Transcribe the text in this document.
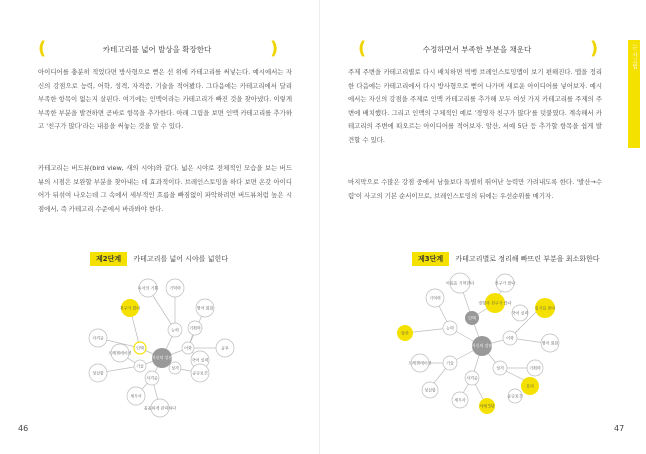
(	카테고리를 넓어 발상을 확장한다	)
아이디어를 충분히 적었다면 방사형으로 뻗은 선 위에 카테고리를 써넣는다. 예시에서는 자신의 강점으로 능력, 어학, 성격, 자격증, 기술을 적어봤다. 그다음에는 카테고리에서 달리 부족한 항목이 없는지 살핀다. 여기에는 인맥이라는 카테고리가 빠진 것을 찾아냈다. 이렇게 부족한 부분을 발견하면 곧바로 항목을 추가한다. 아래 그림을 보면 인맥 카테고리를 추가하고 '친구가 많다'라는 내용을 써놓는 것을 알 수 있다.
카테고리는 버드뷰(bird view, 새의 시야)와 같다. 넓은 시야로 전체적인 모습을 보는 버드뷰의 시점은 보완할 부분을 찾아내는 데 효과적이다. 브레인스토밍을 하다 보면 온갖 아이디어가 뒤섞여 나오는데 그 속에서 세부적인 흐름을 빠짐없이 파악하려면 버드뷰처럼 높은 시점에서, 즉 카테고리 수준에서 바라봐야 한다.
제2단계 카테고리를 넓어 시야를 넓힌다
자신의 강점
인맥
친구가 많다
능력
독서의 기쁨	기억력
어학
영어 회화
기획력
공부
국어 실력
성격
공중보건
자격증
세무사
꼼꼼하게 관리하다
기술
프레젠테이션
성실함
자격증
46
(	수정하면서 부족한 부분을 채운다	)
주제 주변을 카테고리별로 다시 배치하면 빅뱅 브레인스토밍맵이 보기 편해진다. 맵을 정리한 다음에는 카테고리에서 다시 방사형으로 뻗어 나가며 새로운 아이디어를 넣어보자. 예시에서는 자신의 강점을 주제로 인맥 카테고리를 추가해 모두 여섯 가지 카테고리를 주제의 주변에 배치했다. 그리고 인맥의 구체적인 예로 '경영자 친구가 많다'를 덧붙였다. 계속해서 카테고리의 주변에 떠오르는 아이디어를 적어보자. 암산, 서예 5단 등 추가할 항목을 쉽게 발견할 수 있다.
마지막으로 수많은 강점 중에서 남들보다 특별히 뛰어난 능력만 가려내도록 한다. '발산→수렴'이 사고의 기본 순서이므로, 브레인스토밍의 뒤에는 우선순위를 매기자.
제3단계 카테고리별로 정리해 빠뜨린 부분을 최소화한다
자신의 강점
인맥
이름을 기억한다
경영자 친구가 많다
친구가 많다
능력
기억력
암산
어학
국어 실력
실기를 쓴다
영어 회화
성격	기획력
요리
자격증
세무사
서예 5단
기술
프레젠테이션
성실함
공중보건
47
CHAPTER 03 : 인생의 고민을 해결하는 사고법
